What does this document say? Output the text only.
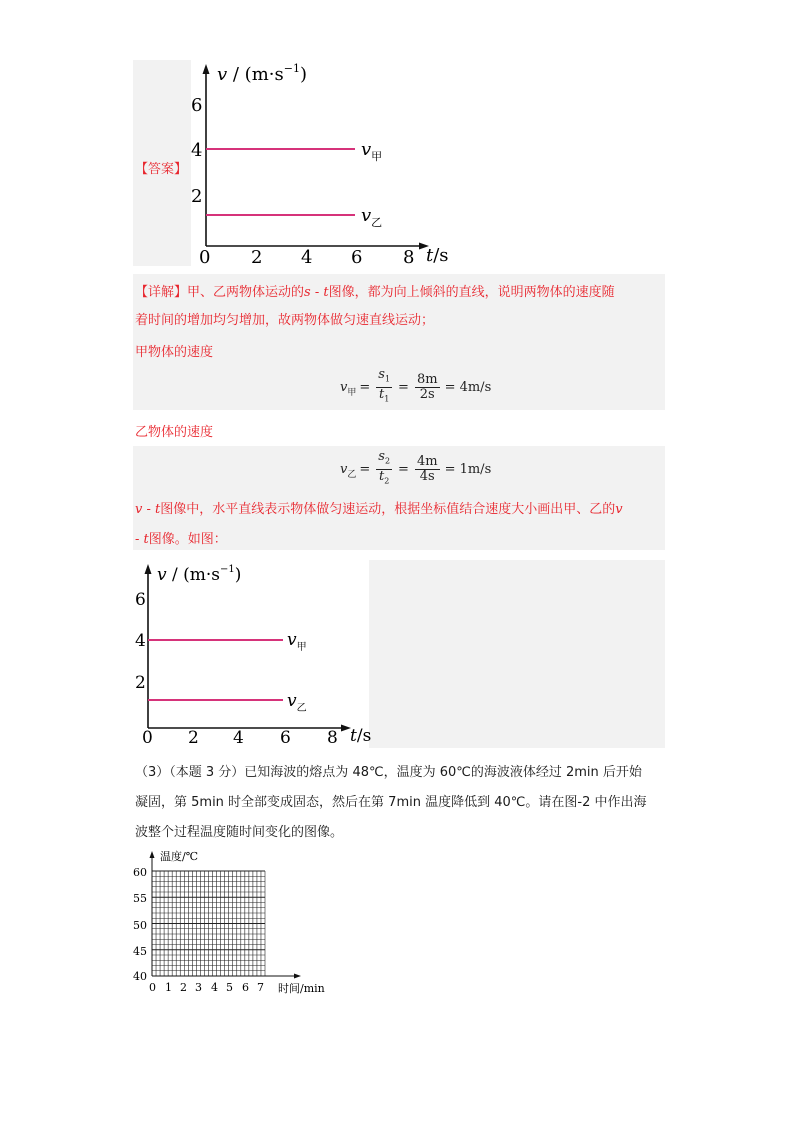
【答案】
$v / (m\cdot s^{-1})$
6
4
2
0 2 4 6 8 t/s
$v_甲$
$v_乙$
【详解】甲、乙两物体运动的s - t图像，都为向上倾斜的直线，说明两物体的速度随
着时间的增加均匀增加，故两物体做匀速直线运动；
甲物体的速度
v 甲 = $\frac{s_1}{t_1} = \frac{8m}{2s} = 4m/s$
乙物体的速度
v 乙 = $\frac{s_2}{t_2} = \frac{4m}{4s} = 1m/s$
v - t图像中，水平直线表示物体做匀速运动，根据坐标值结合速度大小画出甲、乙的v
- t图像。如图：
$v / (m\cdot s^{-1})$
6
4
2
0 2 4 6 8 t/s
$v_甲$
$v_乙$
（3）（本题 3 分）已知海波的熔点为 48℃，温度为 60℃的海波液体经过 2min 后开始
凝固，第 5min 时全部变成固态，然后在第 7min 温度降低到 40℃。请在图-2 中作出海
波整个过程温度随时间变化的图像。
温度/℃
时间/min
60
55
50
45
40
0 1 2 3 4 5 6 7
